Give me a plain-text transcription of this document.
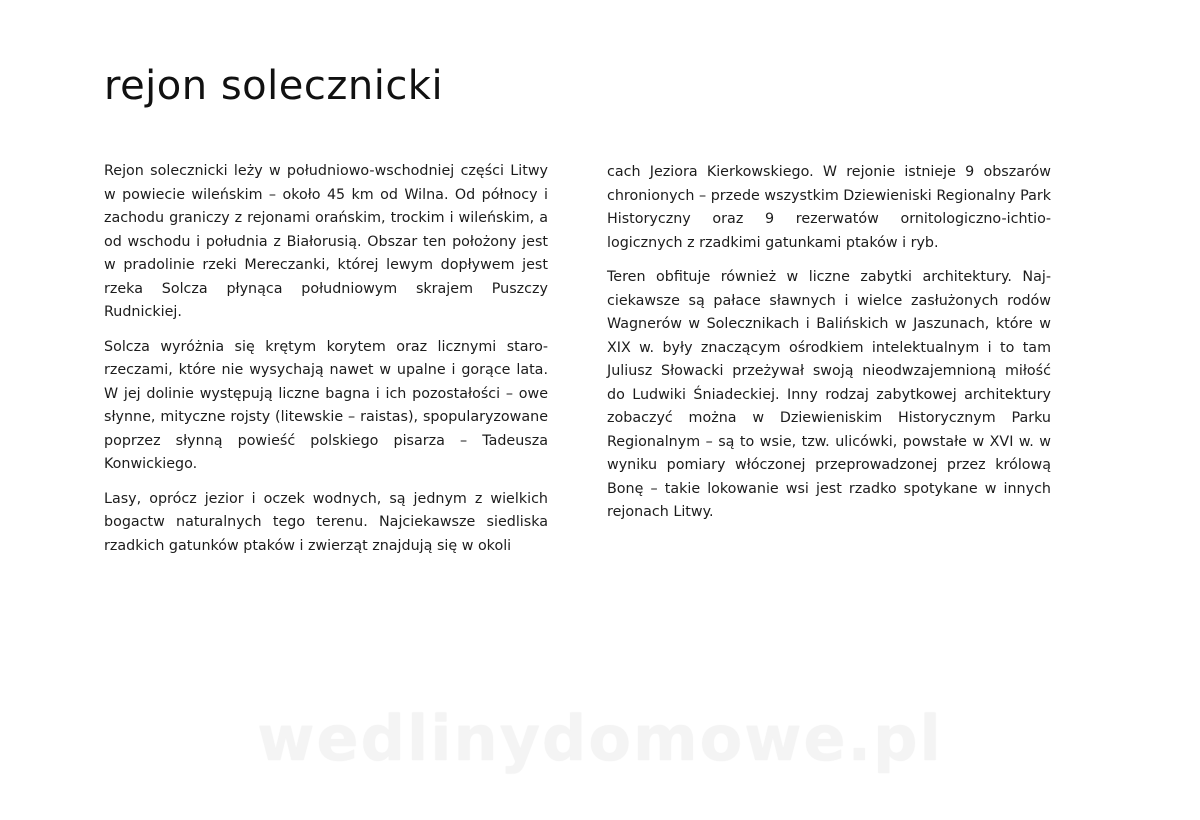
rejon solecznicki

Rejon solecznicki leży w południowo-wschodniej części Litwy w powiecie wileńskim – około 45 km od Wilna. Od północy i zachodu graniczy z rejonami orańskim, trockim i wileńskim, a od wschodu i południa z Białorusią. Obszar ten położony jest w pradolinie rzeki Mereczanki, której lewym dopływem jest rzeka Solcza płynąca południowym skrajem Puszczy Rudnickiej.

Solcza wyróżnia się krętym korytem oraz licznymi starorzeczami, które nie wysychają nawet w upalne i gorące lata. W jej dolinie występują liczne bagna i ich pozostałości – owe słynne, mityczne rojsty (litewskie – raistas), spopularyzowane poprzez słynną powieść polskiego pisarza – Tadeusza Konwickiego.

Lasy, oprócz jezior i oczek wodnych, są jednym z wielkich bogactw naturalnych tego terenu. Najciekawsze siedliska rzadkich gatunków ptaków i zwierząt znajdują się w okoli

cach Jeziora Kierkowskiego. W rejonie istnieje 9 obszarów chronionych – przede wszystkim Dziewieniski Regionalny Park Historyczny oraz 9 rezerwatów ornitologiczno-ichtiologicznych z rzadkimi gatunkami ptaków i ryb.

Teren obfituje również w liczne zabytki architektury. Najciekawsze są pałace sławnych i wielce zasłużonych rodów Wagnerów w Solecznikach i Balińskich w Jaszunach, które w XIX w. były znaczącym ośrodkiem intelektualnym i to tam Juliusz Słowacki przeżywał swoją nieodwzajemnioną miłość do Ludwiki Śniadeckiej. Inny rodzaj zabytkowej architektury zobaczyć można w Dziewieniskim Historycznym Parku Regionalnym – są to wsie, tzw. ulicówki, powstałe w XVI w. w wyniku pomiary włóczonej przeprowadzonej przez królową Bonę – takie lokowanie wsi jest rzadko spotykane w innych rejonach Litwy.

wedlinydomowe.pl
